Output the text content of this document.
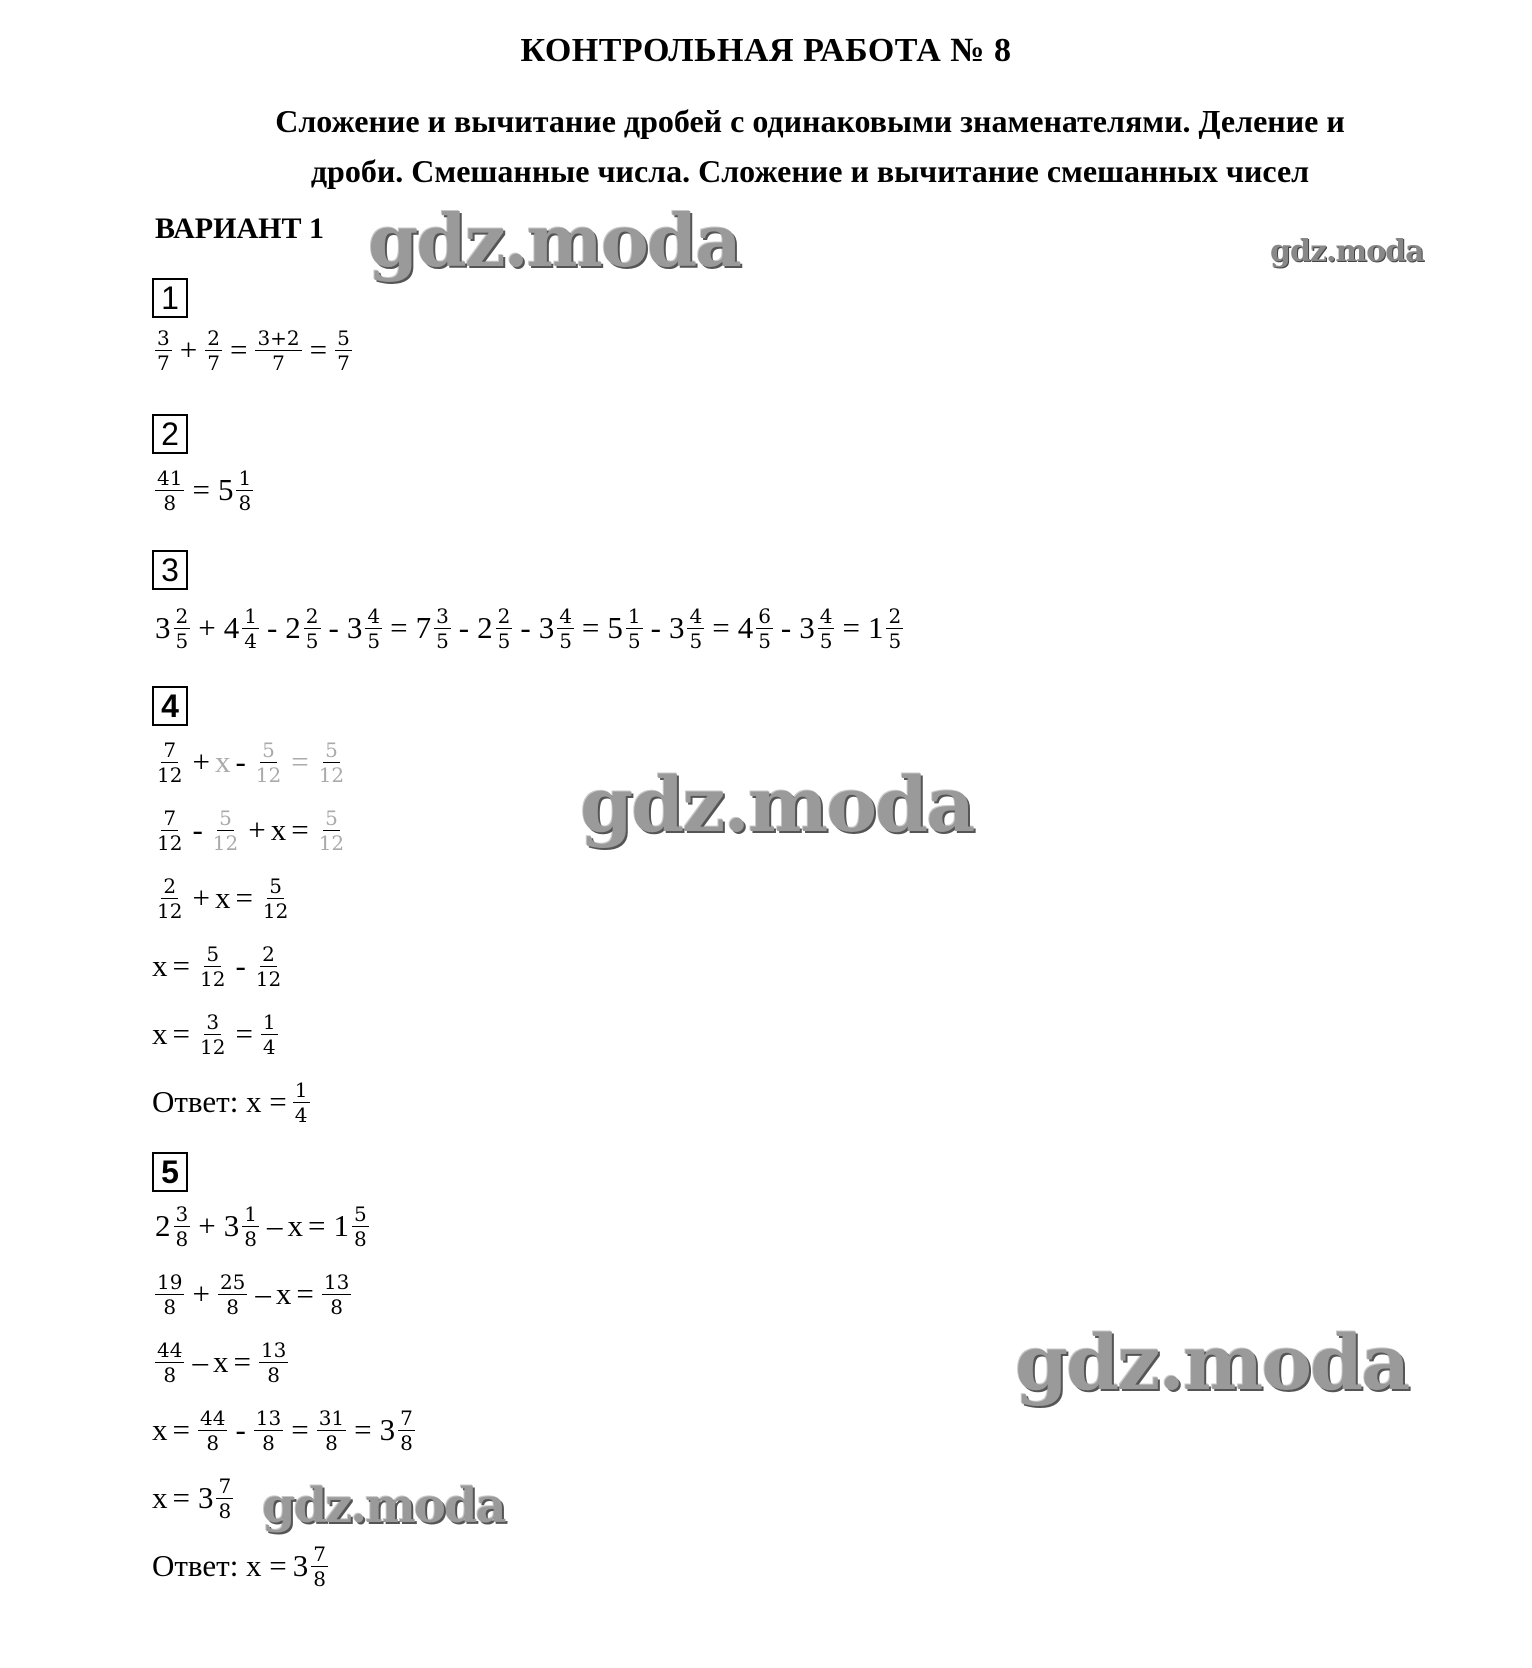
КОНТРОЛЬНАЯ РАБОТА № 8
Сложение и вычитание дробей с одинаковыми знаменателями. Деление и
дроби. Смешанные числа. Сложение и вычитание смешанных чисел
ВАРИАНТ 1 gdz.moda	gdz.moda
gdz.moda
gdz.moda
gdz.moda
1
$\frac{3}{7} + \frac{2}{7} = \frac{3+2}{7} = \frac{5}{7}$
2
$\frac{41}{8} = 5 \frac{1}{8}$
3
$3 \frac{2}{5} + 4 \frac{1}{4} - 2 \frac{2}{5} - 3 \frac{4}{5} = 7 \frac{3}{5} - 2 \frac{2}{5} - 3 \frac{4}{5} = 5 \frac{1}{5} - 3 \frac{4}{5} = 4 \frac{6}{5} - 3 \frac{4}{5} = 1 \frac{2}{5}$
4
$\frac{7}{12} + x - \frac{5}{12} = \frac{5}{12}$
$\frac{7}{12} - \frac{5}{12} + x = \frac{5}{12}$
$\frac{2}{12} + x = \frac{5}{12}$
$x = \frac{5}{12} - \frac{2}{12}$
$x = \frac{3}{12} = \frac{1}{4}$
Ответ: $x = \frac{1}{4}$
5
$2 \frac{3}{8} + 3 \frac{1}{8} - x = 1 \frac{5}{8}$
$\frac{19}{8} + \frac{25}{8} - x = \frac{13}{8}$
$\frac{44}{8} - x = \frac{13}{8}$
$x = \frac{44}{8} - \frac{13}{8} = \frac{31}{8} = 3 \frac{7}{8}$
$x = 3 \frac{7}{8}$
Ответ: $x = 3 \frac{7}{8}$
